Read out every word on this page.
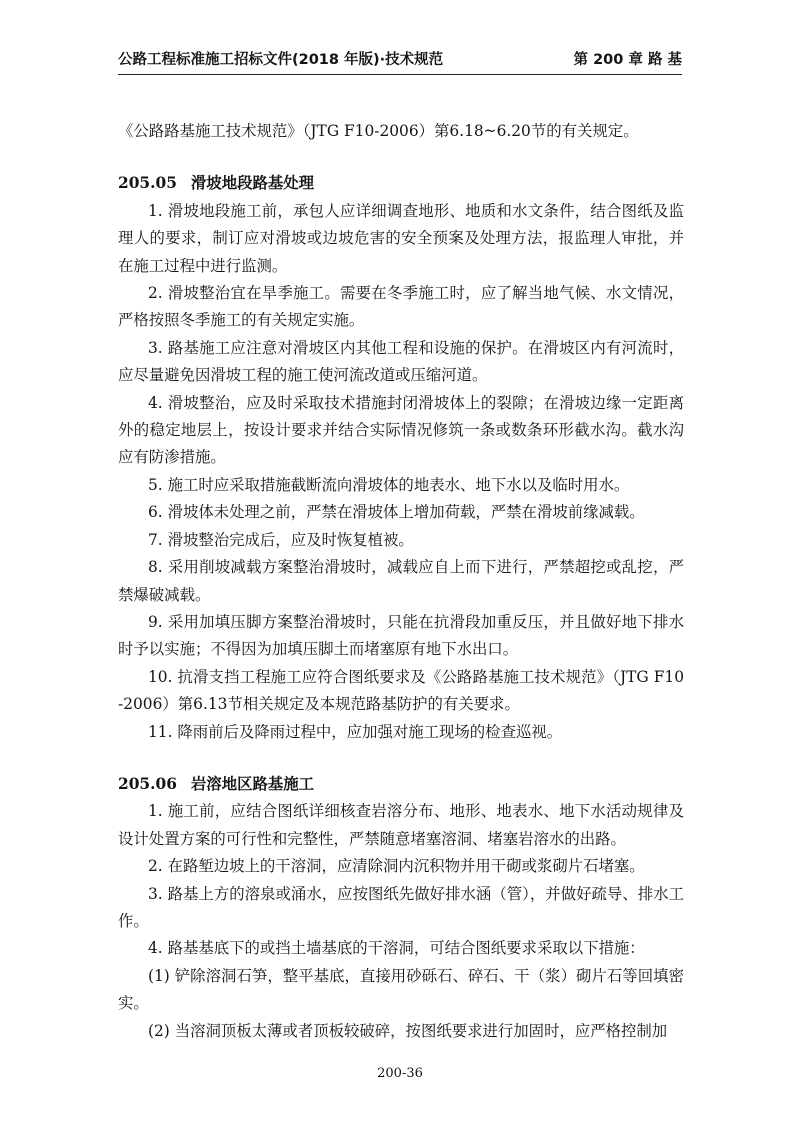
公路工程标准施工招标文件(2018 年版)·技术规范	第 200 章 路 基

《公路路基施工技术规范》（JTG F10-2006）第6.18~6.20节的有关规定。

205.05 滑坡地段路基处理

1. 滑坡地段施工前，承包人应详细调查地形、地质和水文条件，结合图纸及监理人的要求，制订应对滑坡或边坡危害的安全预案及处理方法，报监理人审批，并在施工过程中进行监测。

2. 滑坡整治宜在旱季施工。需要在冬季施工时，应了解当地气候、水文情况，严格按照冬季施工的有关规定实施。

3. 路基施工应注意对滑坡区内其他工程和设施的保护。在滑坡区内有河流时，应尽量避免因滑坡工程的施工使河流改道或压缩河道。

4. 滑坡整治，应及时采取技术措施封闭滑坡体上的裂隙；在滑坡边缘一定距离外的稳定地层上，按设计要求并结合实际情况修筑一条或数条环形截水沟。截水沟应有防渗措施。

5. 施工时应采取措施截断流向滑坡体的地表水、地下水以及临时用水。

6. 滑坡体未处理之前，严禁在滑坡体上增加荷载，严禁在滑坡前缘减载。

7. 滑坡整治完成后，应及时恢复植被。

8. 采用削坡减载方案整治滑坡时，减载应自上而下进行，严禁超挖或乱挖，严禁爆破减载。

9. 采用加填压脚方案整治滑坡时，只能在抗滑段加重反压，并且做好地下排水时予以实施；不得因为加填压脚土而堵塞原有地下水出口。

10. 抗滑支挡工程施工应符合图纸要求及《公路路基施工技术规范》（JTG F10-2006）第6.13节相关规定及本规范路基防护的有关要求。

11. 降雨前后及降雨过程中，应加强对施工现场的检查巡视。

205.06 岩溶地区路基施工

1. 施工前，应结合图纸详细核查岩溶分布、地形、地表水、地下水活动规律及设计处置方案的可行性和完整性，严禁随意堵塞溶洞、堵塞岩溶水的出路。

2. 在路堑边坡上的干溶洞，应清除洞内沉积物并用干砌或浆砌片石堵塞。

3. 路基上方的溶泉或涌水，应按图纸先做好排水涵（管），并做好疏导、排水工作。

4. 路基基底下的或挡土墙基底的干溶洞，可结合图纸要求采取以下措施：

(1) 铲除溶洞石笋，整平基底，直接用砂砾石、碎石、干（浆）砌片石等回填密实。

(2) 当溶洞顶板太薄或者顶板较破碎，按图纸要求进行加固时，应严格控制加

200-36
